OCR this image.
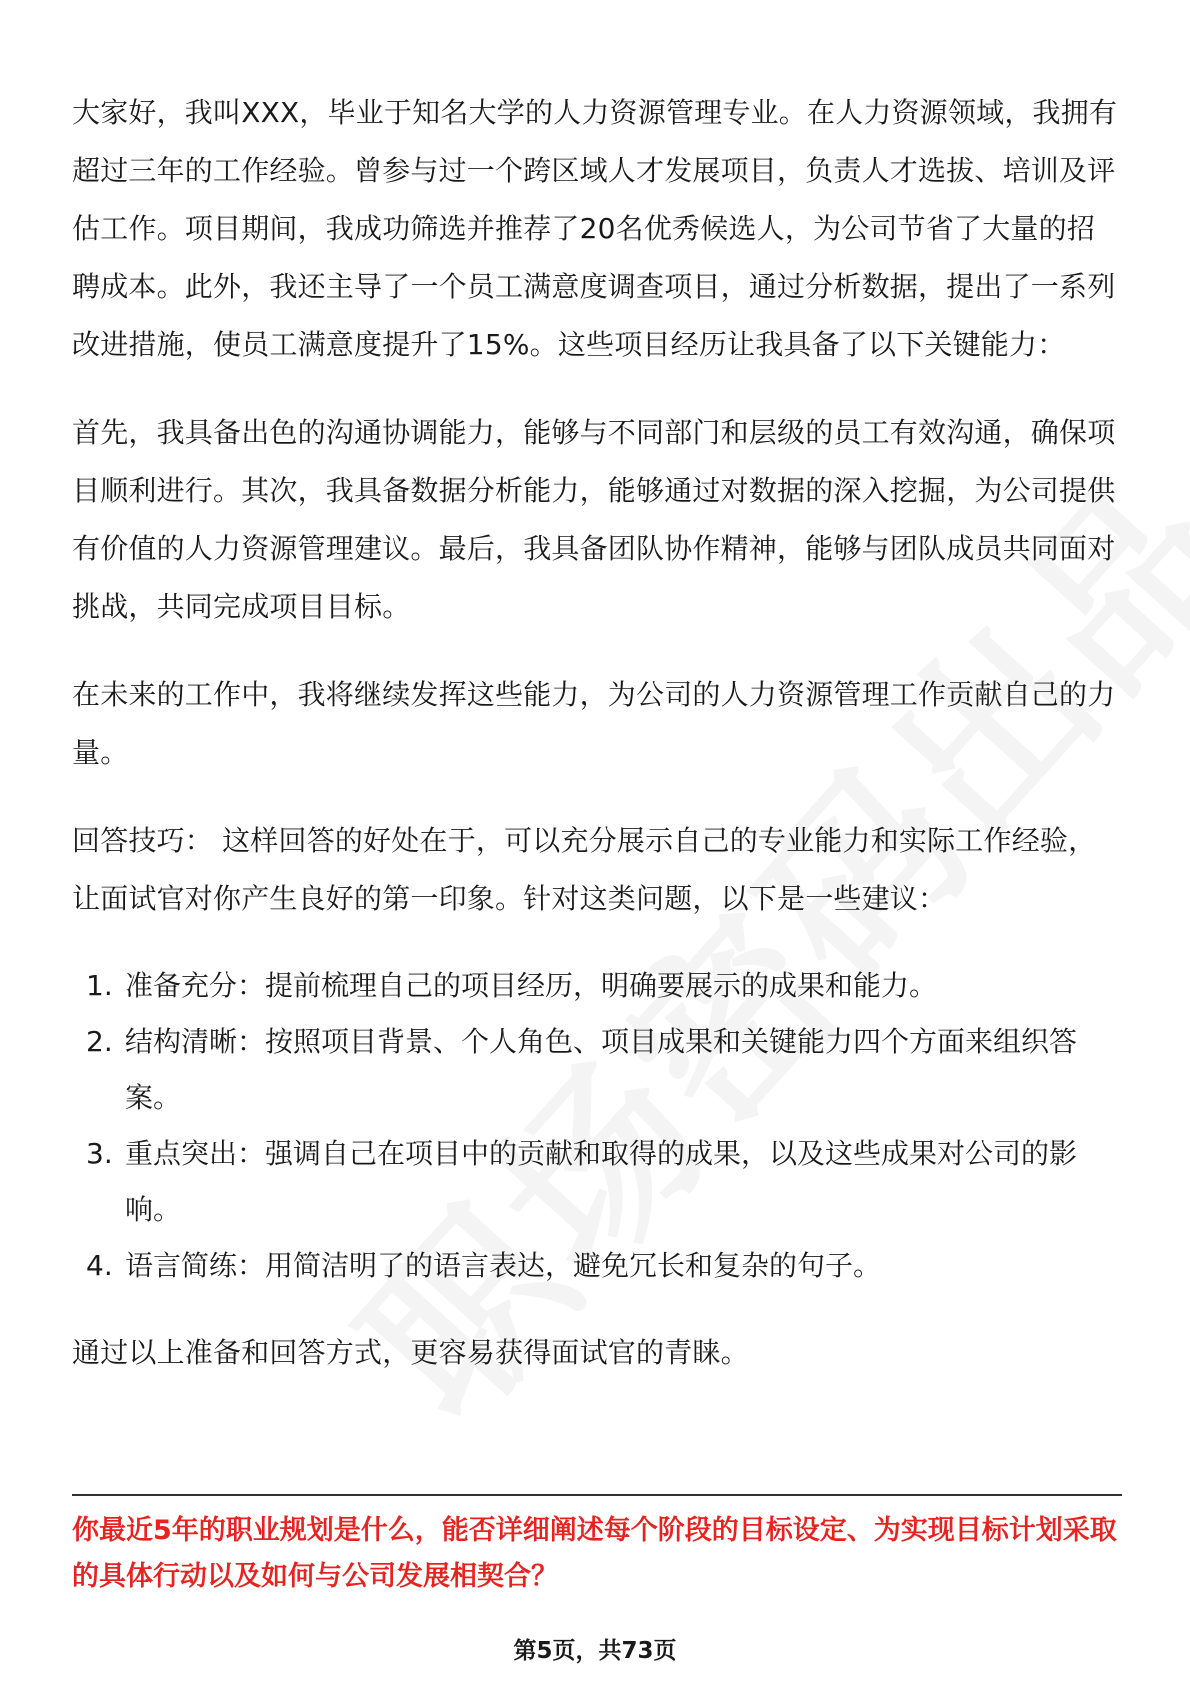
大家好，我叫XXX，毕业于知名大学的人力资源管理专业。在人力资源领域，我拥有超过三年的工作经验。曾参与过一个跨区域人才发展项目，负责人才选拔、培训及评估工作。项目期间，我成功筛选并推荐了20名优秀候选人，为公司节省了大量的招聘成本。此外，我还主导了一个员工满意度调查项目，通过分析数据，提出了一系列改进措施，使员工满意度提升了15%。这些项目经历让我具备了以下关键能力：

首先，我具备出色的沟通协调能力，能够与不同部门和层级的员工有效沟通，确保项目顺利进行。其次，我具备数据分析能力，能够通过对数据的深入挖掘，为公司提供有价值的人力资源管理建议。最后，我具备团队协作精神，能够与团队成员共同面对挑战，共同完成项目目标。

在未来的工作中，我将继续发挥这些能力，为公司的人力资源管理工作贡献自己的力量。

回答技巧： 这样回答的好处在于，可以充分展示自己的专业能力和实际工作经验，让面试官对你产生良好的第一印象。针对这类问题，以下是一些建议：

1. 准备充分：提前梳理自己的项目经历，明确要展示的成果和能力。
2. 结构清晰：按照项目背景、个人角色、项目成果和关键能力四个方面来组织答案。
3. 重点突出：强调自己在项目中的贡献和取得的成果，以及这些成果对公司的影响。
4. 语言简练：用简洁明了的语言表达，避免冗长和复杂的句子。

通过以上准备和回答方式，更容易获得面试官的青睐。

你最近5年的职业规划是什么，能否详细阐述每个阶段的目标设定、为实现目标计划采取的具体行动以及如何与公司发展相契合？

第5页，共73页
